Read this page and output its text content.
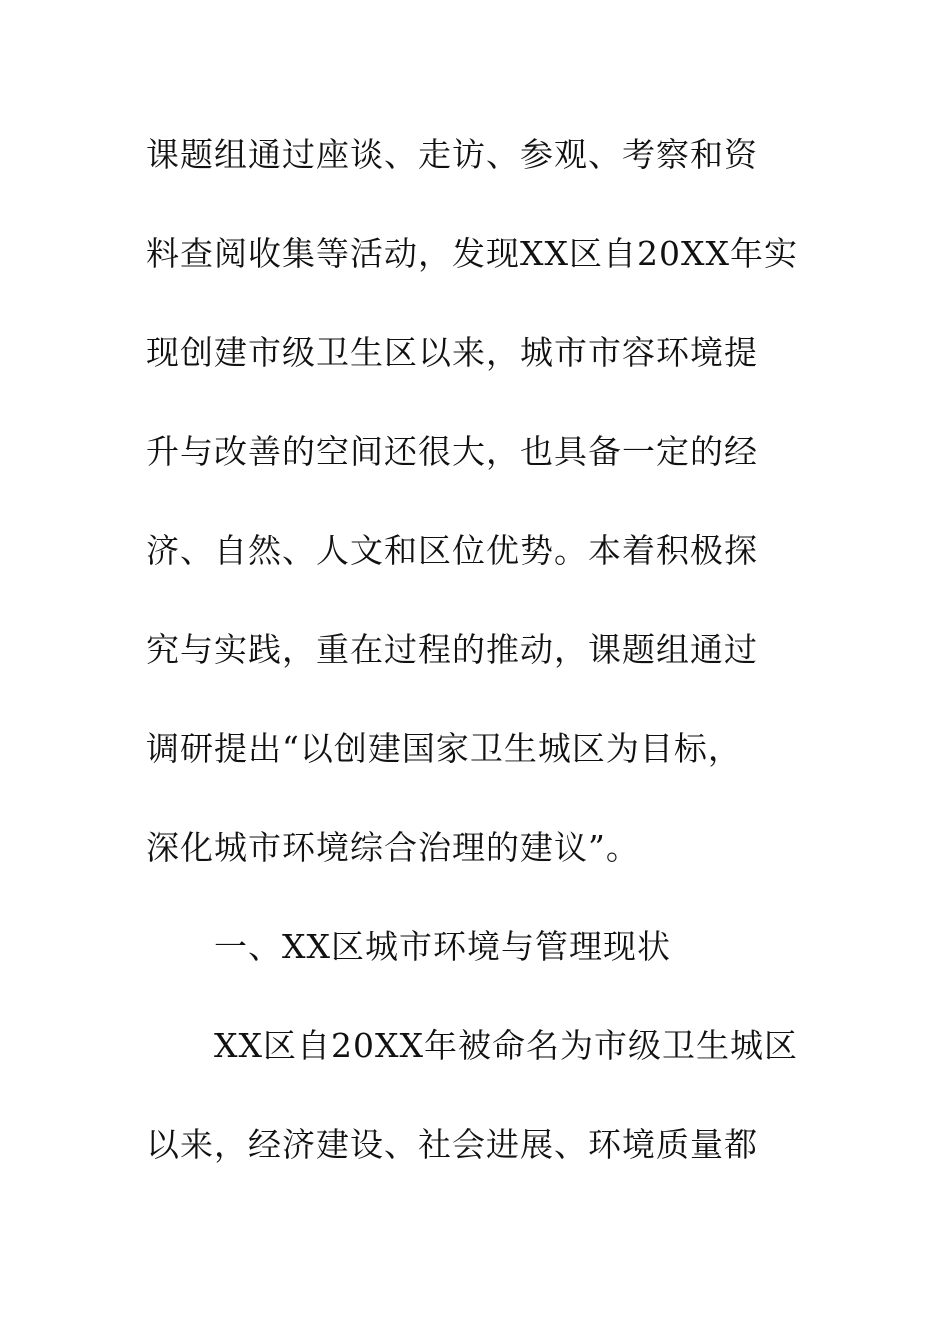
课题组通过座谈、走访、参观、考察和资
料查阅收集等活动，发现XX区自20XX年实
现创建市级卫生区以来，城市市容环境提
升与改善的空间还很大，也具备一定的经
济、自然、人文和区位优势。本着积极探
究与实践，重在过程的推动，课题组通过
调研提出“以创建国家卫生城区为目标，
深化城市环境综合治理的建议”。
一、XX区城市环境与管理现状
XX区自20XX年被命名为市级卫生城区
以来，经济建设、社会进展、环境质量都
